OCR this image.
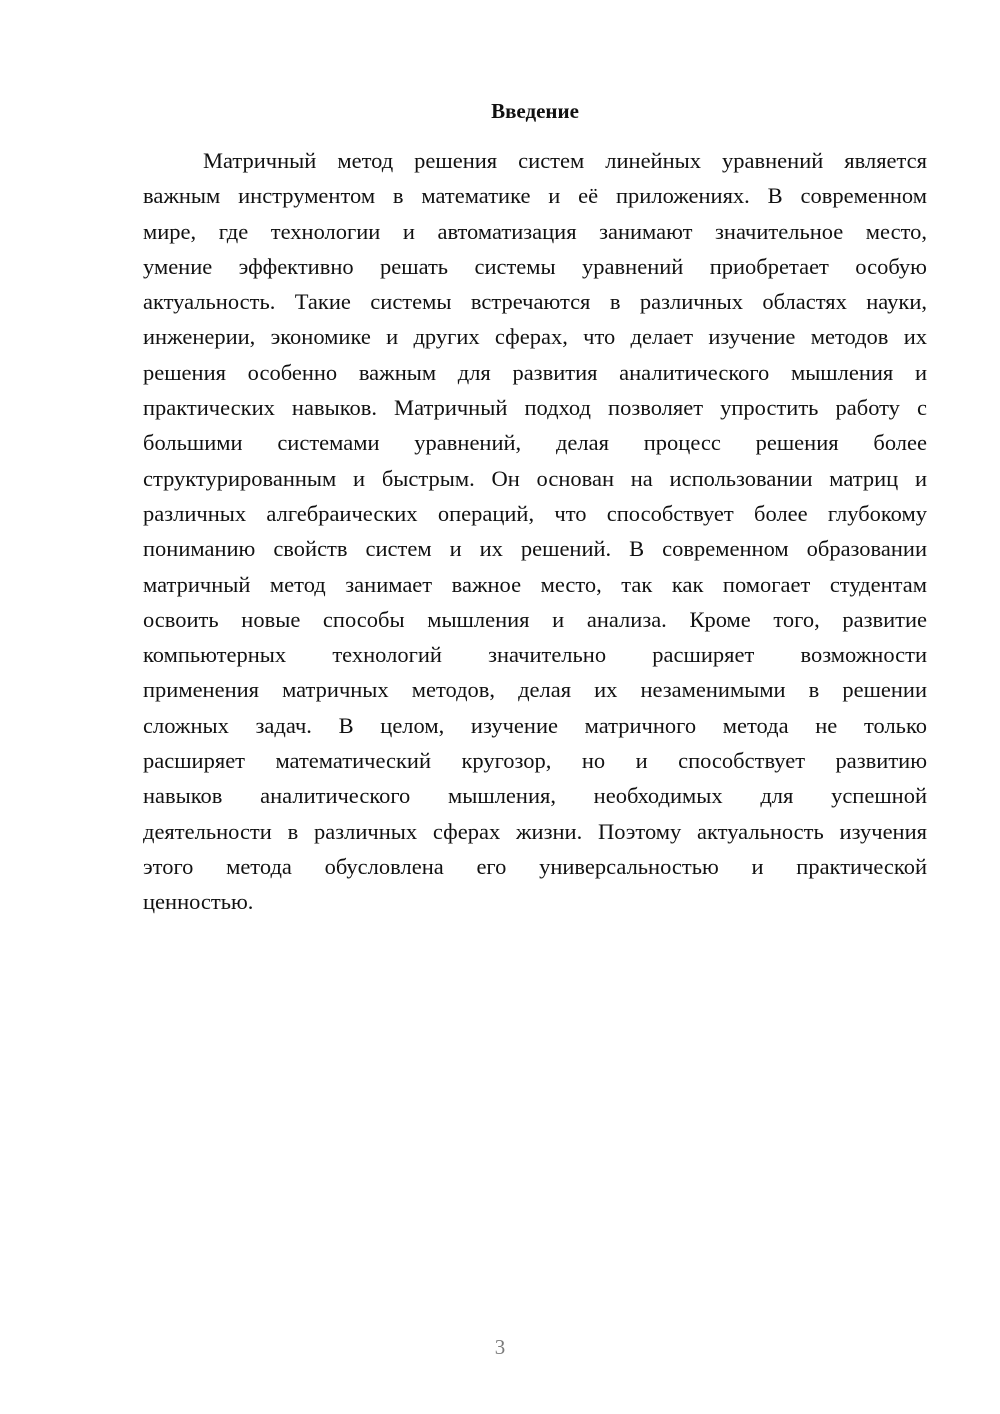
Введение
Матричный метод решения систем линейных уравнений является
важным инструментом в математике и её приложениях. В современном
мире, где технологии и автоматизация занимают значительное место,
умение эффективно решать системы уравнений приобретает особую
актуальность. Такие системы встречаются в различных областях науки,
инженерии, экономике и других сферах, что делает изучение методов их
решения особенно важным для развития аналитического мышления и
практических навыков. Матричный подход позволяет упростить работу с
большими системами уравнений, делая процесс решения более
структурированным и быстрым. Он основан на использовании матриц и
различных алгебраических операций, что способствует более глубокому
пониманию свойств систем и их решений. В современном образовании
матричный метод занимает важное место, так как помогает студентам
освоить новые способы мышления и анализа. Кроме того, развитие
компьютерных технологий значительно расширяет возможности
применения матричных методов, делая их незаменимыми в решении
сложных задач. В целом, изучение матричного метода не только
расширяет математический кругозор, но и способствует развитию
навыков аналитического мышления, необходимых для успешной
деятельности в различных сферах жизни. Поэтому актуальность изучения
этого метода обусловлена его универсальностью и практической
ценностью.
3
